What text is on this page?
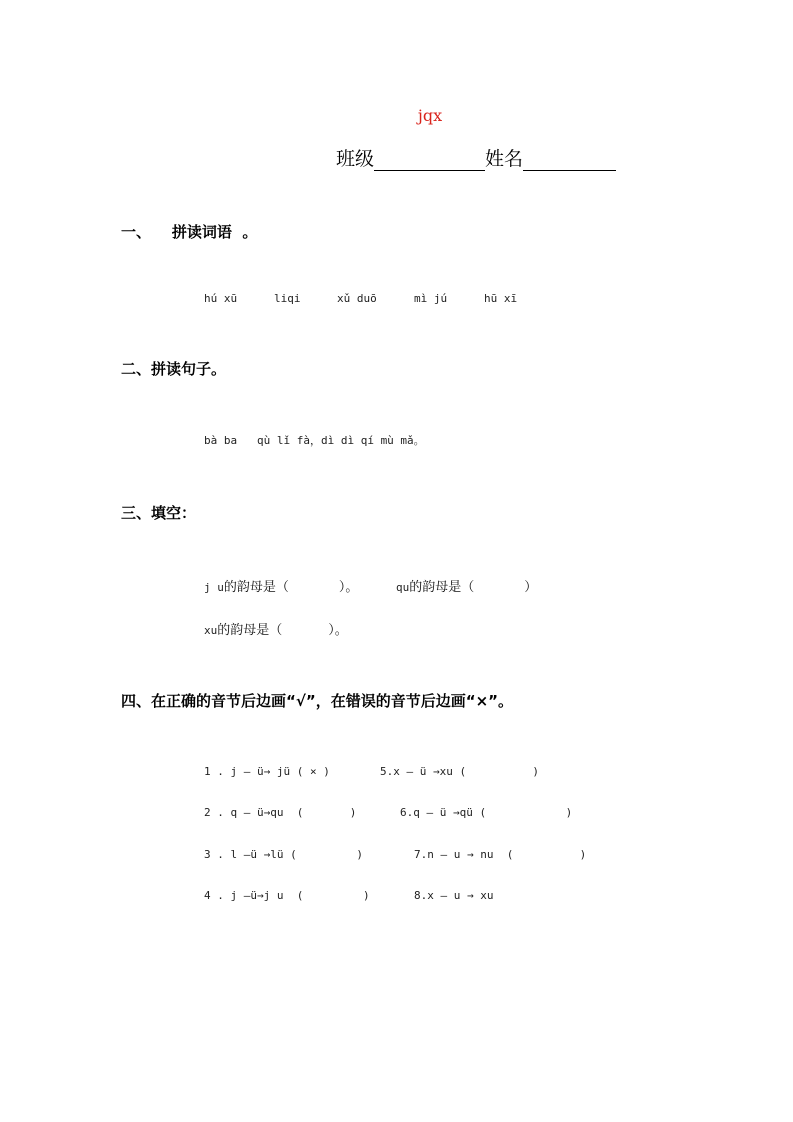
jqx
班级	姓名
一、    拼读词语  。
hú xū	liqi	xǔ duō	mì jú	hū xī
二、拼读句子。
bà ba   qù lǐ fà，dì dì qí mù mǎ。
三、填空：
j u的韵母是（	）。	qu的韵母是（	）
xu的韵母是（	）。
四、在正确的音节后边画“√”，在错误的音节后边画“×”。
1 . j — ü→ jü ( × )
2 . q — ü→qu (       )
3 . l —ü →lü (         )
4 . j —ü→j u (         )
5.x — ü →xu (          )
6.q — ü →qü (            )
7.n — u → nu (          )
8.x — u → xu
